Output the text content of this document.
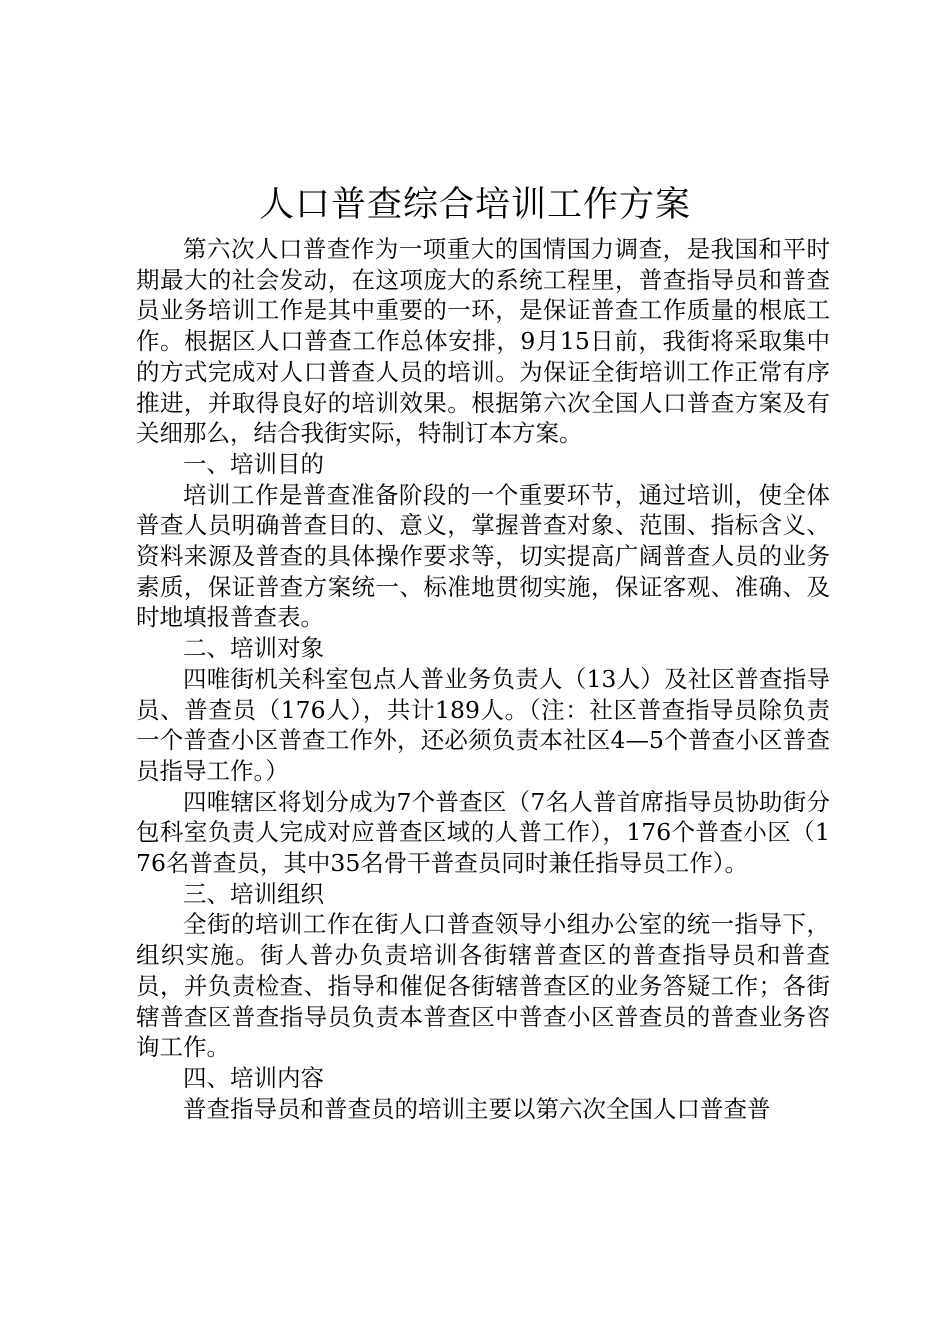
人口普查综合培训工作方案

第六次人口普查作为一项重大的国情国力调查，是我国和平时期最大的社会发动，在这项庞大的系统工程里，普查指导员和普查员业务培训工作是其中重要的一环，是保证普查工作质量的根底工作。根据区人口普查工作总体安排，9月15日前，我街将采取集中的方式完成对人口普查人员的培训。为保证全街培训工作正常有序推进，并取得良好的培训效果。根据第六次全国人口普查方案及有关细那么，结合我街实际，特制订本方案。

一、培训目的

培训工作是普查准备阶段的一个重要环节，通过培训，使全体普查人员明确普查目的、意义，掌握普查对象、范围、指标含义、资料来源及普查的具体操作要求等，切实提高广阔普查人员的业务素质，保证普查方案统一、标准地贯彻实施，保证客观、准确、及时地填报普查表。

二、培训对象

四唯街机关科室包点人普业务负责人（13人）及社区普查指导员、普查员（176人），共计189人。（注：社区普查指导员除负责一个普查小区普查工作外，还必须负责本社区4—5个普查小区普查员指导工作。）

四唯辖区将划分成为7个普查区（7名人普首席指导员协助街分包科室负责人完成对应普查区域的人普工作），176个普查小区（176名普查员，其中35名骨干普查员同时兼任指导员工作）。

三、培训组织

全街的培训工作在街人口普查领导小组办公室的统一指导下，组织实施。街人普办负责培训各街辖普查区的普查指导员和普查员，并负责检查、指导和催促各街辖普查区的业务答疑工作；各街辖普查区普查指导员负责本普查区中普查小区普查员的普查业务咨询工作。

四、培训内容

普查指导员和普查员的培训主要以第六次全国人口普查普
